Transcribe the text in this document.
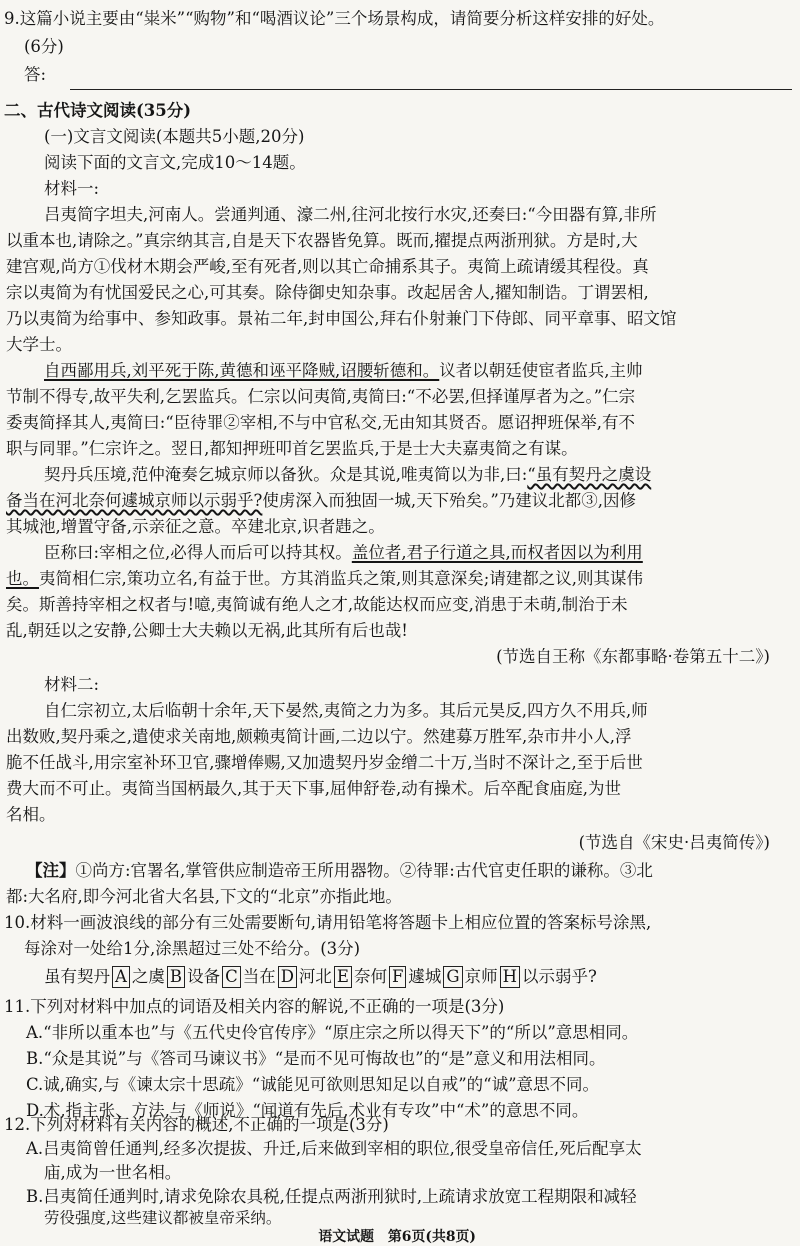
9.这篇小说主要由“粜米”“购物”和“喝酒议论”三个场景构成，请简要分析这样安排的好处。
(6分)
答:
二、古代诗文阅读(35分)
(一)文言文阅读(本题共5小题,20分)
阅读下面的文言文,完成10～14题。
材料一:
吕夷简字坦夫,河南人。尝通判通、濠二州,往河北按行水灾,还奏曰:“今田器有算,非所
以重本也,请除之。”真宗纳其言,自是天下农器皆免算。既而,擢提点两浙刑狱。方是时,大
建宫观,尚方①伐材木期会严峻,至有死者,则以其亡命捕系其子。夷简上疏请缓其程役。真
宗以夷简为有忧国爱民之心,可其奏。除侍御史知杂事。改起居舍人,擢知制诰。丁谓罢相,
乃以夷简为给事中、参知政事。景祐二年,封申国公,拜右仆射兼门下侍郎、同平章事、昭文馆
大学士。
自西鄙用兵,刘平死于陈,黄德和诬平降贼,诏腰斩德和。议者以朝廷使宦者监兵,主帅
节制不得专,故平失利,乞罢监兵。仁宗以问夷简,夷简曰:“不必罢,但择谨厚者为之。”仁宗
委夷简择其人,夷简曰:“臣待罪②宰相,不与中官私交,无由知其贤否。愿诏押班保举,有不
职与同罪。”仁宗许之。翌日,都知押班叩首乞罢监兵,于是士大夫嘉夷简之有谋。
契丹兵压境,范仲淹奏乞城京师以备狄。众是其说,唯夷简以为非,曰:“虽有契丹之虞设
备当在河北奈何遽城京师以示弱乎?使虏深入而独固一城,天下殆矣。”乃建议北都③,因修
其城池,增置守备,示亲征之意。卒建北京,识者韪之。
臣称曰:宰相之位,必得人而后可以持其权。盖位者,君子行道之具,而权者因以为利用
也。夷简相仁宗,策功立名,有益于世。方其消监兵之策,则其意深矣;请建都之议,则其谋伟
矣。斯善持宰相之权者与!噫,夷简诚有绝人之才,故能达权而应变,消患于未萌,制治于未
乱,朝廷以之安静,公卿士大夫赖以无祸,此其所有后也哉!
(节选自王称《东都事略·卷第五十二》)
材料二:
自仁宗初立,太后临朝十余年,天下晏然,夷简之力为多。其后元昊反,四方久不用兵,师
出数败,契丹乘之,遣使求关南地,颇赖夷简计画,二边以宁。然建募万胜军,杂市井小人,浮
脆不任战斗,用宗室补环卫官,骤增俸赐,又加遗契丹岁金缯二十万,当时不深计之,至于后世
费大而不可止。夷简当国柄最久,其于天下事,屈伸舒卷,动有操术。后卒配食庙庭,为世
名相。
(节选自《宋史·吕夷简传》)
【注】①尚方:官署名,掌管供应制造帝王所用器物。②待罪:古代官吏任职的谦称。③北
都:大名府,即今河北省大名县,下文的“北京”亦指此地。
10.材料一画波浪线的部分有三处需要断句,请用铅笔将答题卡上相应位置的答案标号涂黑,
每涂对一处给1分,涂黑超过三处不给分。(3分)
虽有契丹 A 之虞 B 设备 C 当在 D 河北 E 奈何 F 遽城 G 京师 H 以示弱乎?
11.下列对材料中加点的词语及相关内容的解说,不正确的一项是(3分)
A.“非所以重本也”与《五代史伶官传序》“原庄宗之所以得天下”的“所以”意思相同。
B.“众是其说”与《答司马谏议书》“是而不见可悔故也”的“是”意义和用法相同。
C.诚,确实,与《谏太宗十思疏》“诚能见可欲则思知足以自戒”的“诚”意思不同。
D.术,指主张、方法,与《师说》“闻道有先后,术业有专攻”中“术”的意思不同。
12.下列对材料有关内容的概述,不正确的一项是(3分)
A.吕夷简曾任通判,经多次提拔、升迁,后来做到宰相的职位,很受皇帝信任,死后配享太
庙,成为一世名相。
B.吕夷简任通判时,请求免除农具税,任提点两浙刑狱时,上疏请求放宽工程期限和减轻
劳役强度,这些建议都被皇帝采纳。
语文试题　第6页(共8页)
